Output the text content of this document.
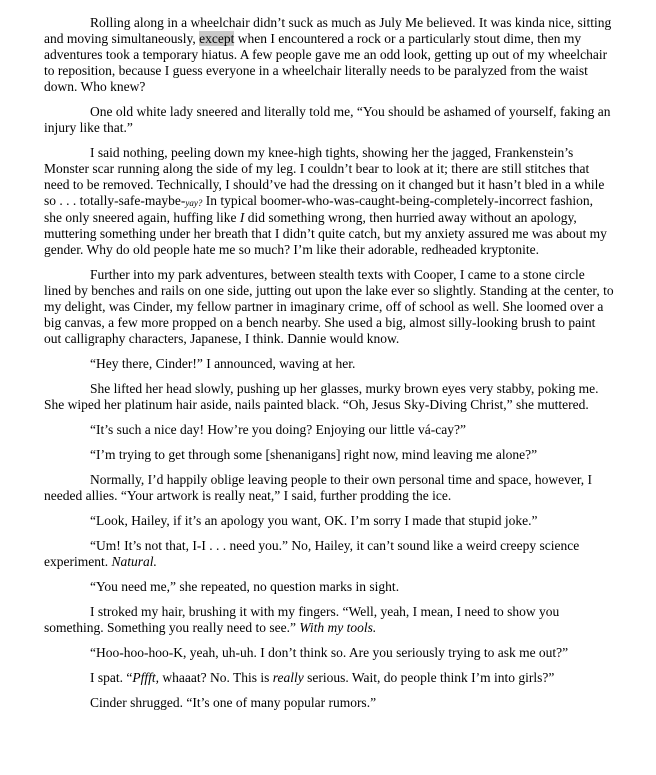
Rolling along in a wheelchair didn’t suck as much as July Me believed. It was kinda nice, sitting and moving simultaneously, except when I encountered a rock or a particularly stout dime, then my adventures took a temporary hiatus. A few people gave me an odd look, getting up out of my wheelchair to reposition, because I guess everyone in a wheelchair literally needs to be paralyzed from the waist down. Who knew?

One old white lady sneered and literally told me, “You should be ashamed of yourself, faking an injury like that.”

I said nothing, peeling down my knee-high tights, showing her the jagged, Frankenstein’s Monster scar running along the side of my leg. I couldn’t bear to look at it; there are still stitches that need to be removed. Technically, I should’ve had the dressing on it changed but it hasn’t bled in a while so . . . totally-safe-maybe-yay? In typical boomer-who-was-caught-being-completely-incorrect fashion, she only sneered again, huffing like I did something wrong, then hurried away without an apology, muttering something under her breath that I didn’t quite catch, but my anxiety assured me was about my gender. Why do old people hate me so much? I’m like their adorable, redheaded kryptonite.

Further into my park adventures, between stealth texts with Cooper, I came to a stone circle lined by benches and rails on one side, jutting out upon the lake ever so slightly. Standing at the center, to my delight, was Cinder, my fellow partner in imaginary crime, off of school as well. She loomed over a big canvas, a few more propped on a bench nearby. She used a big, almost silly-looking brush to paint out calligraphy characters, Japanese, I think. Dannie would know.

“Hey there, Cinder!” I announced, waving at her.

She lifted her head slowly, pushing up her glasses, murky brown eyes very stabby, poking me. She wiped her platinum hair aside, nails painted black. “Oh, Jesus Sky-Diving Christ,” she muttered.

“It’s such a nice day! How’re you doing? Enjoying our little vá-cay?”

“I’m trying to get through some [shenanigans] right now, mind leaving me alone?”

Normally, I’d happily oblige leaving people to their own personal time and space, however, I needed allies. “Your artwork is really neat,” I said, further prodding the ice.

“Look, Hailey, if it’s an apology you want, OK. I’m sorry I made that stupid joke.”

“Um! It’s not that, I-I . . . need you.” No, Hailey, it can’t sound like a weird creepy science experiment. Natural.

“You need me,” she repeated, no question marks in sight.

I stroked my hair, brushing it with my fingers. “Well, yeah, I mean, I need to show you something. Something you really need to see.” With my tools.

“Hoo-hoo-hoo-K, yeah, uh-uh. I don’t think so. Are you seriously trying to ask me out?”

I spat. “Pffft, whaaat? No. This is really serious. Wait, do people think I’m into girls?”

Cinder shrugged. “It’s one of many popular rumors.”
